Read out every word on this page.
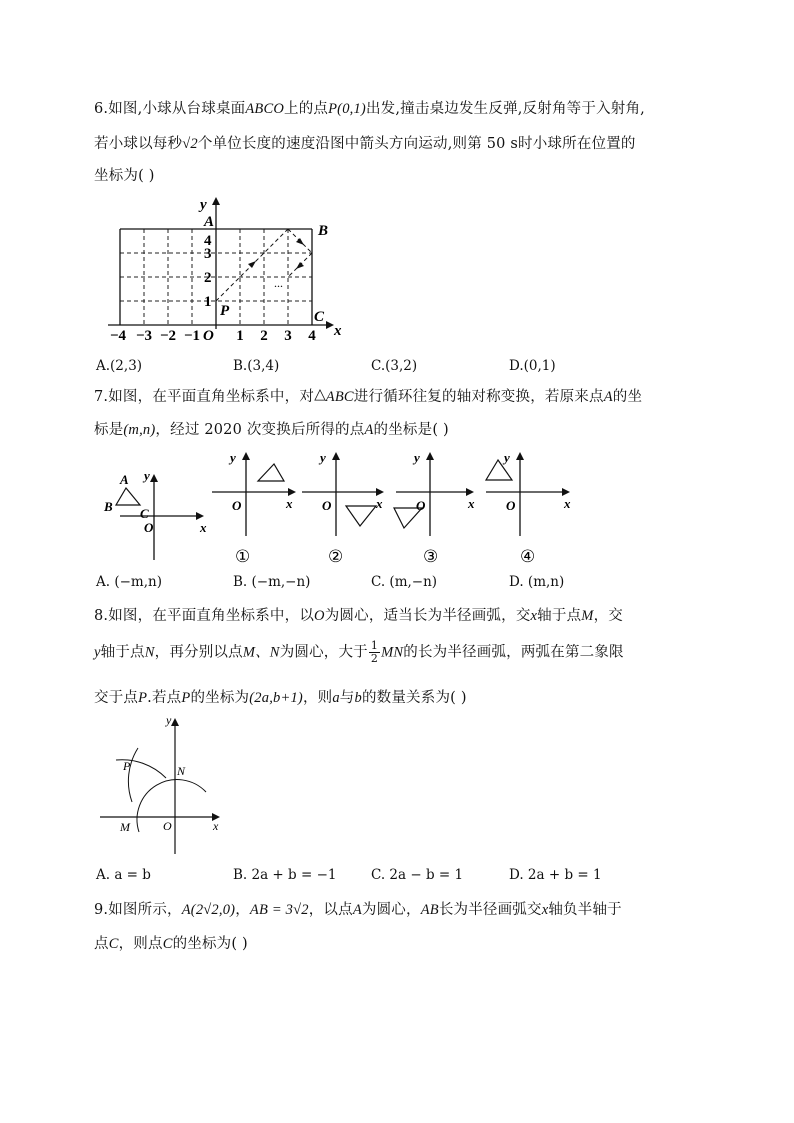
6.如图,小球从台球桌面ABCO上的点P(0,1)出发,撞击桌边发生反弹,反射角等于入射角,
若小球以每秒√2个单位长度的速度沿图中箭头方向运动,则第 50 s时小球所在位置的
坐标为( )
...
y
x
A
B
C
O
P
1
2
3
4
−4 −3 −2 −1 1 2 3 4
A.(2,3)	B.(3,4)	C.(3,2)	D.(0,1)
7.如图，在平面直角坐标系中，对▽ABC进行循环往复的轴对称变换，若原来点A的坐
标是(m,n)，经过 2020 次变换后所得的点A的坐标是( )
A
B C
O	x
y
O	x
y
①
O	x
y
②
O	x
y
③
O	x
y
④
A. (−m,n)	B. (−m,−n)	C. (m,−n)	D. (m,n)
8.如图，在平面直角坐标系中，以O为圆心，适当长为半径画弧，交x轴于点M，交
y轴于点N，再分别以点M、N为圆心，大于 $\frac{1}{2}$ MN的长为半径画弧，两弧在第二象限
交于点P.若点P的坐标为(2a,b+1)，则a与b的数量关系为( )
P	N
M	O	x
y
A. a = b	B. 2a + b = −1	C. 2a − b = 1	D. 2a + b = 1
9.如图所示，A(2√2,0)，AB = 3√2，以点A为圆心，AB长为半径画弧交x轴负半轴于
点C，则点C的坐标为( )
